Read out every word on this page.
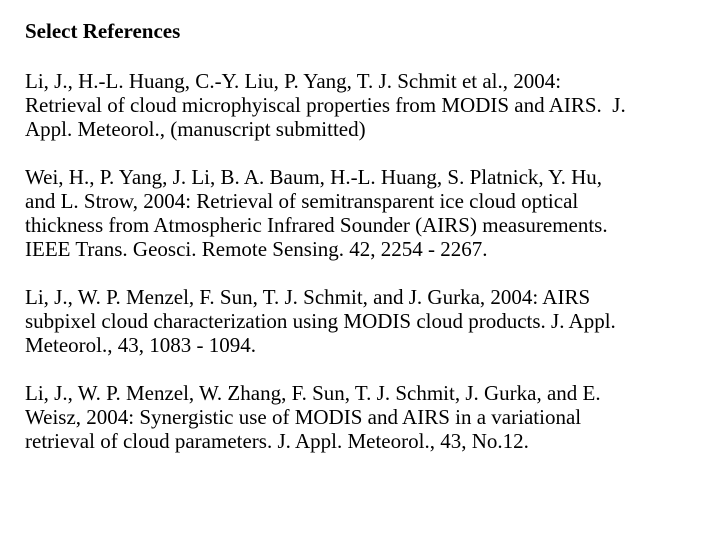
Select References
Li, J., H.-L. Huang, C.-Y. Liu, P. Yang, T. J. Schmit et al., 2004:
Retrieval of cloud microphyiscal properties from MODIS and AIRS.  J.
Appl. Meteorol., (manuscript submitted)
Wei, H., P. Yang, J. Li, B. A. Baum, H.-L. Huang, S. Platnick, Y. Hu,
and L. Strow, 2004: Retrieval of semitransparent ice cloud optical
thickness from Atmospheric Infrared Sounder (AIRS) measurements.
IEEE Trans. Geosci. Remote Sensing. 42, 2254 - 2267.
Li, J., W. P. Menzel, F. Sun, T. J. Schmit, and J. Gurka, 2004: AIRS
subpixel cloud characterization using MODIS cloud products. J. Appl.
Meteorol., 43, 1083 - 1094.
Li, J., W. P. Menzel, W. Zhang, F. Sun, T. J. Schmit, J. Gurka, and E.
Weisz, 2004: Synergistic use of MODIS and AIRS in a variational
retrieval of cloud parameters. J. Appl. Meteorol., 43, No.12.
